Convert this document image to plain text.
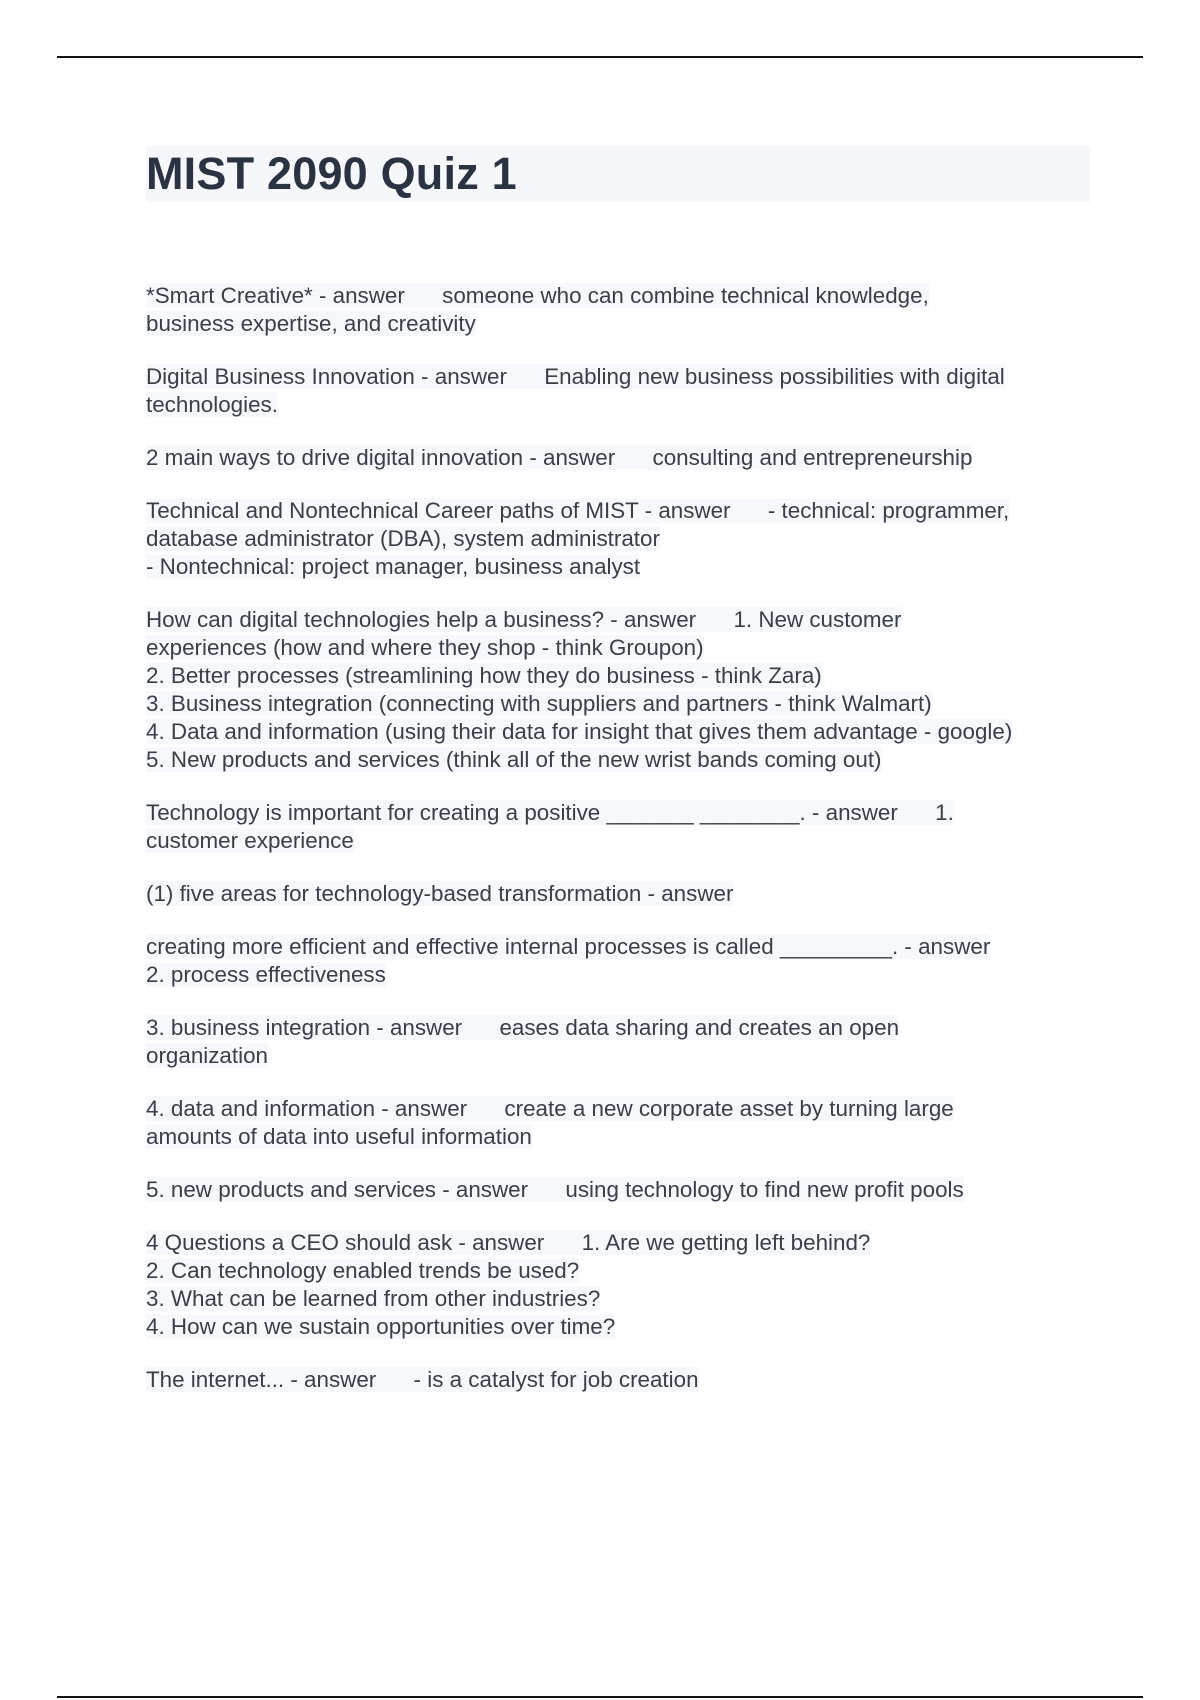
MIST 2090 Quiz 1
*Smart Creative* - answer      someone who can combine technical knowledge,
business expertise, and creativity
Digital Business Innovation - answer      Enabling new business possibilities with digital
technologies.
2 main ways to drive digital innovation - answer      consulting and entrepreneurship
Technical and Nontechnical Career paths of MIST - answer      - technical: programmer,
database administrator (DBA), system administrator
- Nontechnical: project manager, business analyst
How can digital technologies help a business? - answer      1. New customer
experiences (how and where they shop - think Groupon)
2. Better processes (streamlining how they do business - think Zara)
3. Business integration (connecting with suppliers and partners - think Walmart)
4. Data and information (using their data for insight that gives them advantage - google)
5. New products and services (think all of the new wrist bands coming out)
Technology is important for creating a positive _______ ________. - answer      1.
customer experience
(1) five areas for technology-based transformation - answer
creating more efficient and effective internal processes is called _________. - answer
2. process effectiveness
3. business integration - answer      eases data sharing and creates an open
organization
4. data and information - answer      create a new corporate asset by turning large
amounts of data into useful information
5. new products and services - answer      using technology to find new profit pools
4 Questions a CEO should ask - answer      1. Are we getting left behind?
2. Can technology enabled trends be used?
3. What can be learned from other industries?
4. How can we sustain opportunities over time?
The internet... - answer      - is a catalyst for job creation
